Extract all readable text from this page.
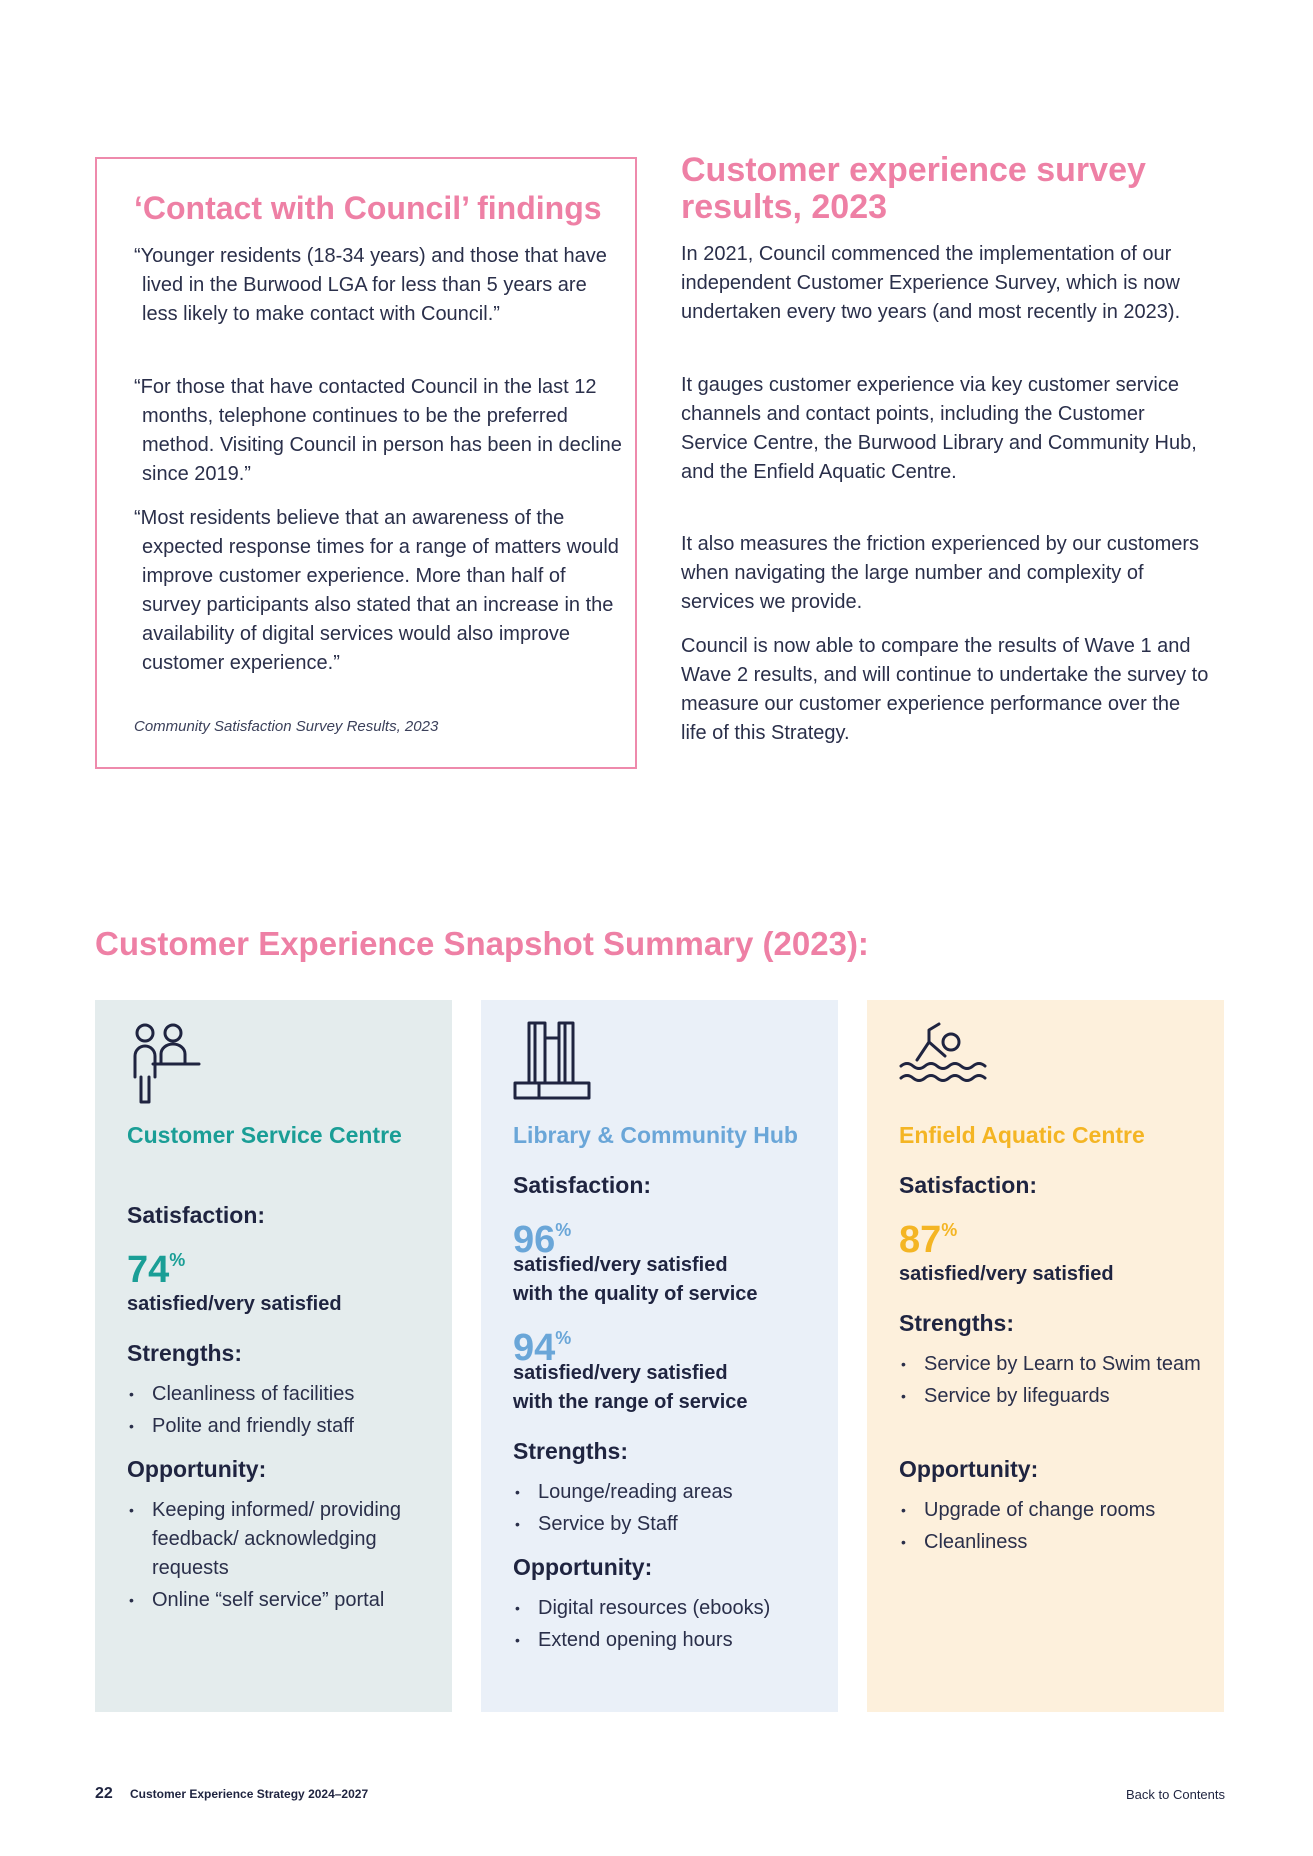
‘Contact with Council’ findings

“Younger residents (18-34 years) and those that have lived in the Burwood LGA for less than 5 years are less likely to make contact with Council.”

“For those that have contacted Council in the last 12 months, telephone continues to be the preferred method. Visiting Council in person has been in decline since 2019.”

“Most residents believe that an awareness of the expected response times for a range of matters would improve customer experience. More than half of survey participants also stated that an increase in the availability of digital services would also improve customer experience.”

Community Satisfaction Survey Results, 2023

Customer experience survey results, 2023

In 2021, Council commenced the implementation of our independent Customer Experience Survey, which is now undertaken every two years (and most recently in 2023).

It gauges customer experience via key customer service channels and contact points, including the Customer Service Centre, the Burwood Library and Community Hub, and the Enfield Aquatic Centre.

It also measures the friction experienced by our customers when navigating the large number and complexity of services we provide.

Council is now able to compare the results of Wave 1 and Wave 2 results, and will continue to undertake the survey to measure our customer experience performance over the life of this Strategy.

Customer Experience Snapshot Summary (2023):

Customer Service Centre

Satisfaction:

74%

satisfied/very satisfied

Strengths:

• Cleanliness of facilities
• Polite and friendly staff

Opportunity:

• Keeping informed/ providing feedback/ acknowledging requests
• Online “self service” portal

Library & Community Hub

Satisfaction:

96%

satisfied/very satisfied
with the quality of service

94%

satisfied/very satisfied
with the range of service

Strengths:

• Lounge/reading areas
• Service by Staff

Opportunity:

• Digital resources (ebooks)
• Extend opening hours

Enfield Aquatic Centre

Satisfaction:

87%

satisfied/very satisfied

Strengths:

• Service by Learn to Swim team
• Service by lifeguards

Opportunity:

• Upgrade of change rooms
• Cleanliness

22 Customer Experience Strategy 2024–2027	Back to Contents
